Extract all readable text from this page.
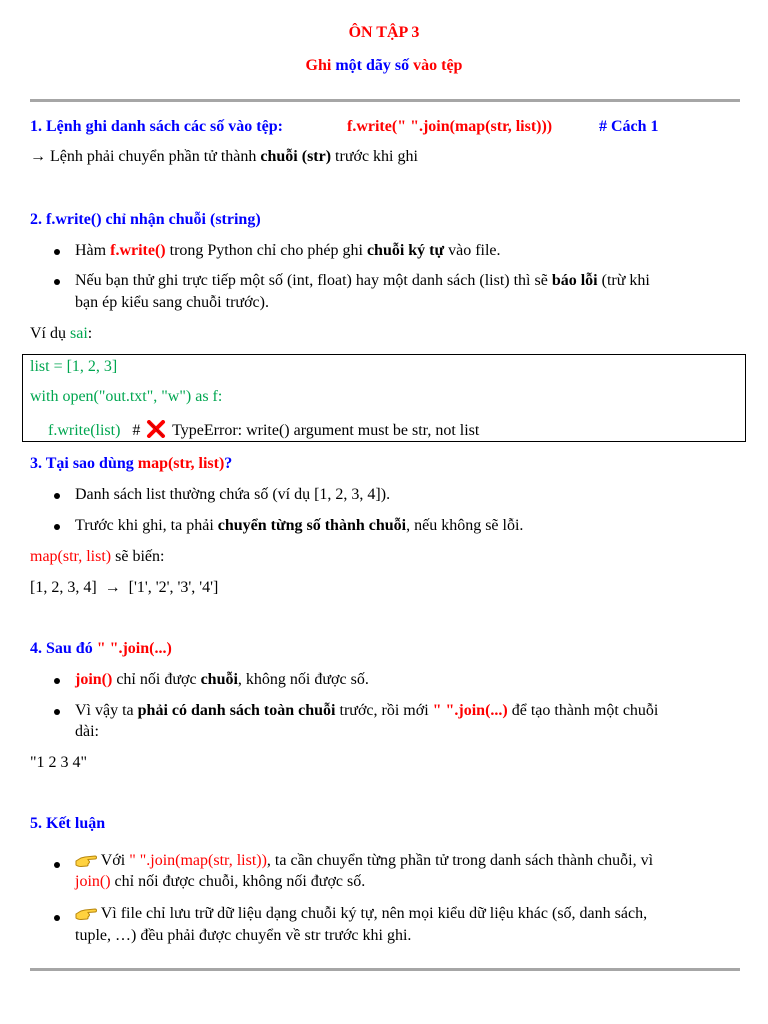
ÔN TẬP 3
Ghi một dãy số vào tệp
1. Lệnh ghi danh sách các số vào tệp:	f.write(" ".join(map(str, list)))	# Cách 1
→ Lệnh phải chuyển phần tử thành chuỗi (str) trước khi ghi
2. f.write() chỉ nhận chuỗi (string)
Hàm f.write() trong Python chỉ cho phép ghi chuỗi ký tự vào file.
Nếu bạn thử ghi trực tiếp một số (int, float) hay một danh sách (list) thì sẽ báo lỗi (trừ khi
bạn ép kiểu sang chuỗi trước).
Ví dụ sai:
list = [1, 2, 3]
with open("out.txt", "w") as f:
f.write(list) # TypeError: write() argument must be str, not list
3. Tại sao dùng map(str, list)?
Danh sách list thường chứa số (ví dụ [1, 2, 3, 4]).
Trước khi ghi, ta phải chuyển từng số thành chuỗi, nếu không sẽ lỗi.
map(str, list) sẽ biến:
[1, 2, 3, 4] → ['1', '2', '3', '4']
4. Sau đó " ".join(...)
join() chỉ nối được chuỗi, không nối được số.
Vì vậy ta phải có danh sách toàn chuỗi trước, rồi mới " ".join(...) để tạo thành một chuỗi
dài:
"1 2 3 4"
5. Kết luận
Với " ".join(map(str, list)), ta cần chuyển từng phần tử trong danh sách thành chuỗi, vì
join() chỉ nối được chuỗi, không nối được số.
Vì file chỉ lưu trữ dữ liệu dạng chuỗi ký tự, nên mọi kiểu dữ liệu khác (số, danh sách,
tuple, …) đều phải được chuyển về str trước khi ghi.
